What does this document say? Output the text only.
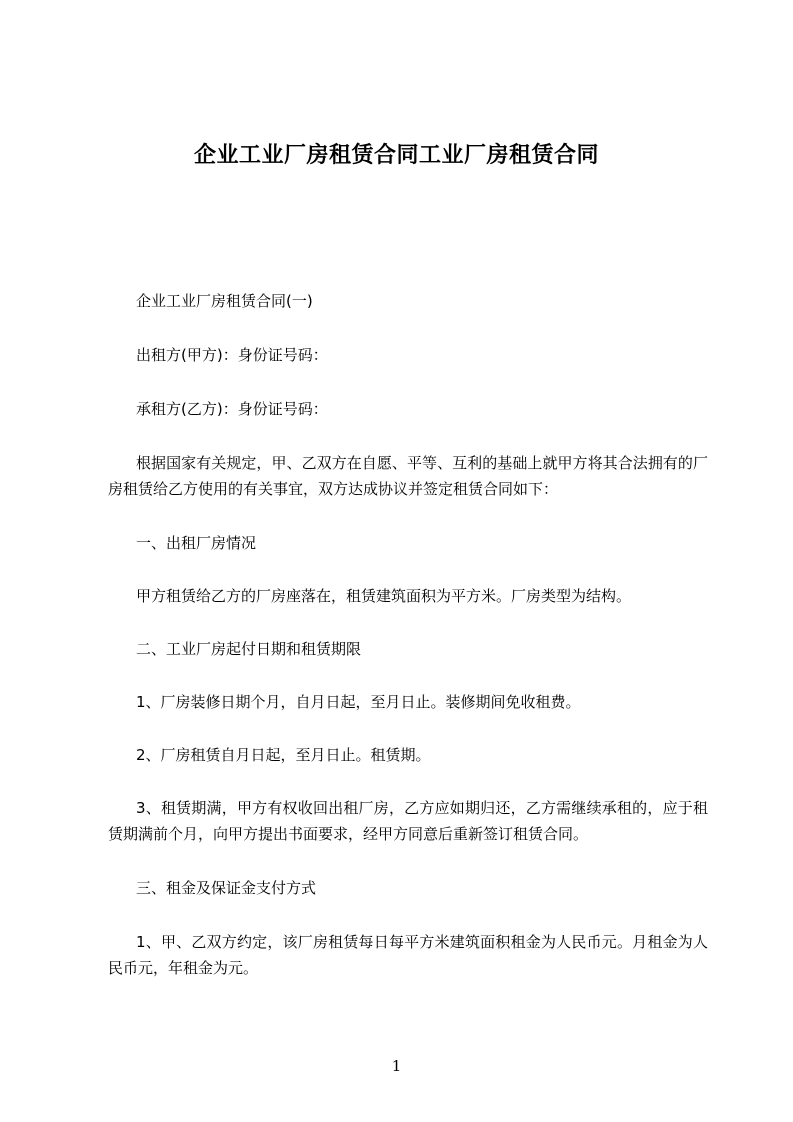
企业工业厂房租赁合同工业厂房租赁合同

企业工业厂房租赁合同(一)

出租方(甲方)：身份证号码：

承租方(乙方)：身份证号码：

根据国家有关规定，甲、乙双方在自愿、平等、互利的基础上就甲方将其合法拥有的厂房租赁给乙方使用的有关事宜，双方达成协议并签定租赁合同如下：

一、出租厂房情况

甲方租赁给乙方的厂房座落在，租赁建筑面积为平方米。厂房类型为结构。

二、工业厂房起付日期和租赁期限

1、厂房装修日期个月，自月日起，至月日止。装修期间免收租费。

2、厂房租赁自月日起，至月日止。租赁期。

3、租赁期满，甲方有权收回出租厂房，乙方应如期归还，乙方需继续承租的，应于租赁期满前个月，向甲方提出书面要求，经甲方同意后重新签订租赁合同。

三、租金及保证金支付方式

1、甲、乙双方约定，该厂房租赁每日每平方米建筑面积租金为人民币元。月租金为人民币元，年租金为元。

1
